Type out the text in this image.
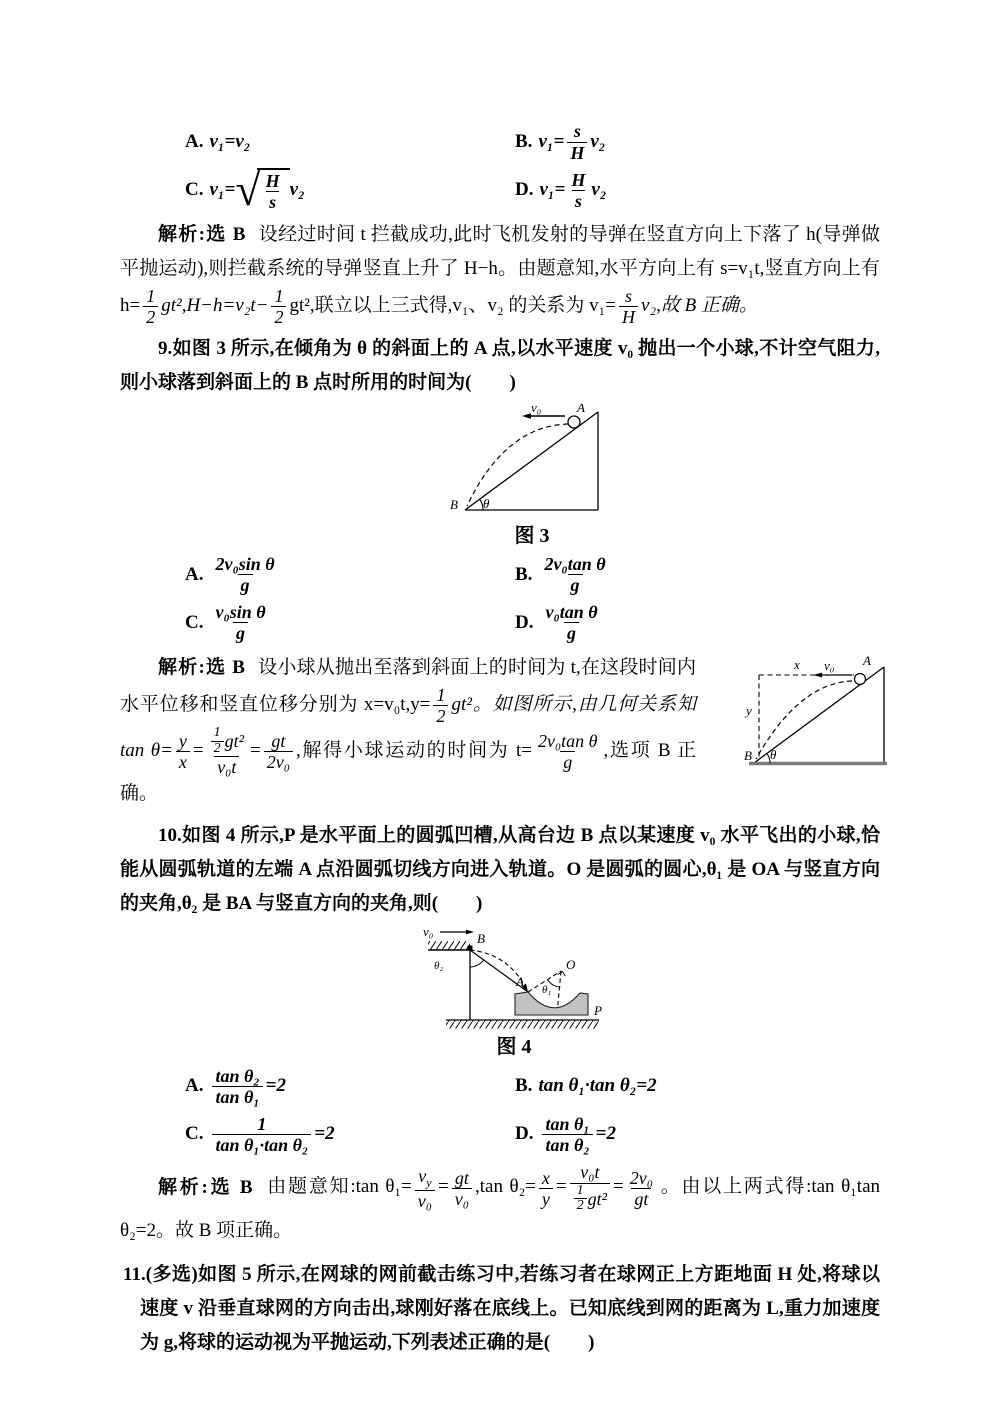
A. v₁=v₂	B. $v_1= \frac{s}{H} v_2$
C. v₁= √ $\frac{H}{s} v_2$	D. $v_1= \frac{H}{s} v_2$
解析:选 B 设经过时间 t 拦截成功,此时飞机发射的导弹在竖直方向上下落了 h(导弹做平抛运动),则拦截系统的导弹竖直上升了 H−h。由题意知,水平方向上有 s=v₁t,竖直方向上有 $h= \frac{1}{2} gt^2,H-h=v_2t- \frac{1}{2} gt^2$,联立以上三式得,v₁、v₂ 的关系为 $v_1= \frac{s}{H} v_2$,故 B 正确。
9.如图 3 所示,在倾角为 θ 的斜面上的 A 点,以水平速度 v₀ 抛出一个小球,不计空气阻力,则小球落到斜面上的 B 点时所用的时间为(　　)
v₀	A
B θ
图 3
A. $\frac{\text{2v₀sin θ}}{g}$	B. $\frac{\text{2v₀tan θ}}{g}$
C. $\frac{\text{v₀sin θ}}{g}$	D. $\frac{\text{v₀tan θ}}{g}$
x v₀ A
y
B θ
解析:选 B 设小球从抛出至落到斜面上的时间为 t,在这段时间内水平位移和竖直位移分别为 $x=v_0t,y= \frac{1}{2} gt^2$。如图所示,由几何关系知 $\tan \theta= \frac{y}{x} = \frac{\frac{1}{2} gt^2}{\text{v₀t}} = \frac{gt}{\text{2v₀}}$ ,解得小球运动的时间为 $t= \frac{\text{2v₀tan θ}}{g}$ ,选项 B 正确。
10.如图 4 所示,P 是水平面上的圆弧凹槽,从高台边 B 点以某速度 v₀ 水平飞出的小球,恰能从圆弧轨道的左端 A 点沿圆弧切线方向进入轨道。O 是圆弧的圆心,θ₁ 是 OA 与竖直方向的夹角,θ₂ 是 BA 与竖直方向的夹角,则(　　)
v₀	B
θ₂
A
O
θ₁
P
图 4
A. $\frac{\text{tan θ₂}}{\text{tan θ₁}} =2$	B. tan θ₁·tan θ₂=2
C. $\frac{1}{\text{tan θ₁·tan θ₂}} =2$	D. $\frac{\text{tan θ₁}}{\text{tan θ₂}} =2$
解析:选 B 由题意知:tan $\theta_1= \frac{v_y}{\text{v₀}} = \frac{gt}{\text{v₀}} ,\tan$ $\theta_2= \frac{x}{y} = \frac{\text{v₀t}}{\frac{1}{2} gt^2} = \frac{\text{2v₀}}{gt}$ 。由以上两式得:tan θ₁tan θ₂=2。故 B 项正确。
11.(多选)如图 5 所示,在网球的网前截击练习中,若练习者在球网正上方距地面 H 处,将球以速度 v 沿垂直球网的方向击出,球刚好落在底线上。已知底线到网的距离为 L,重力加速度为 g,将球的运动视为平抛运动,下列表述正确的是(　　)
